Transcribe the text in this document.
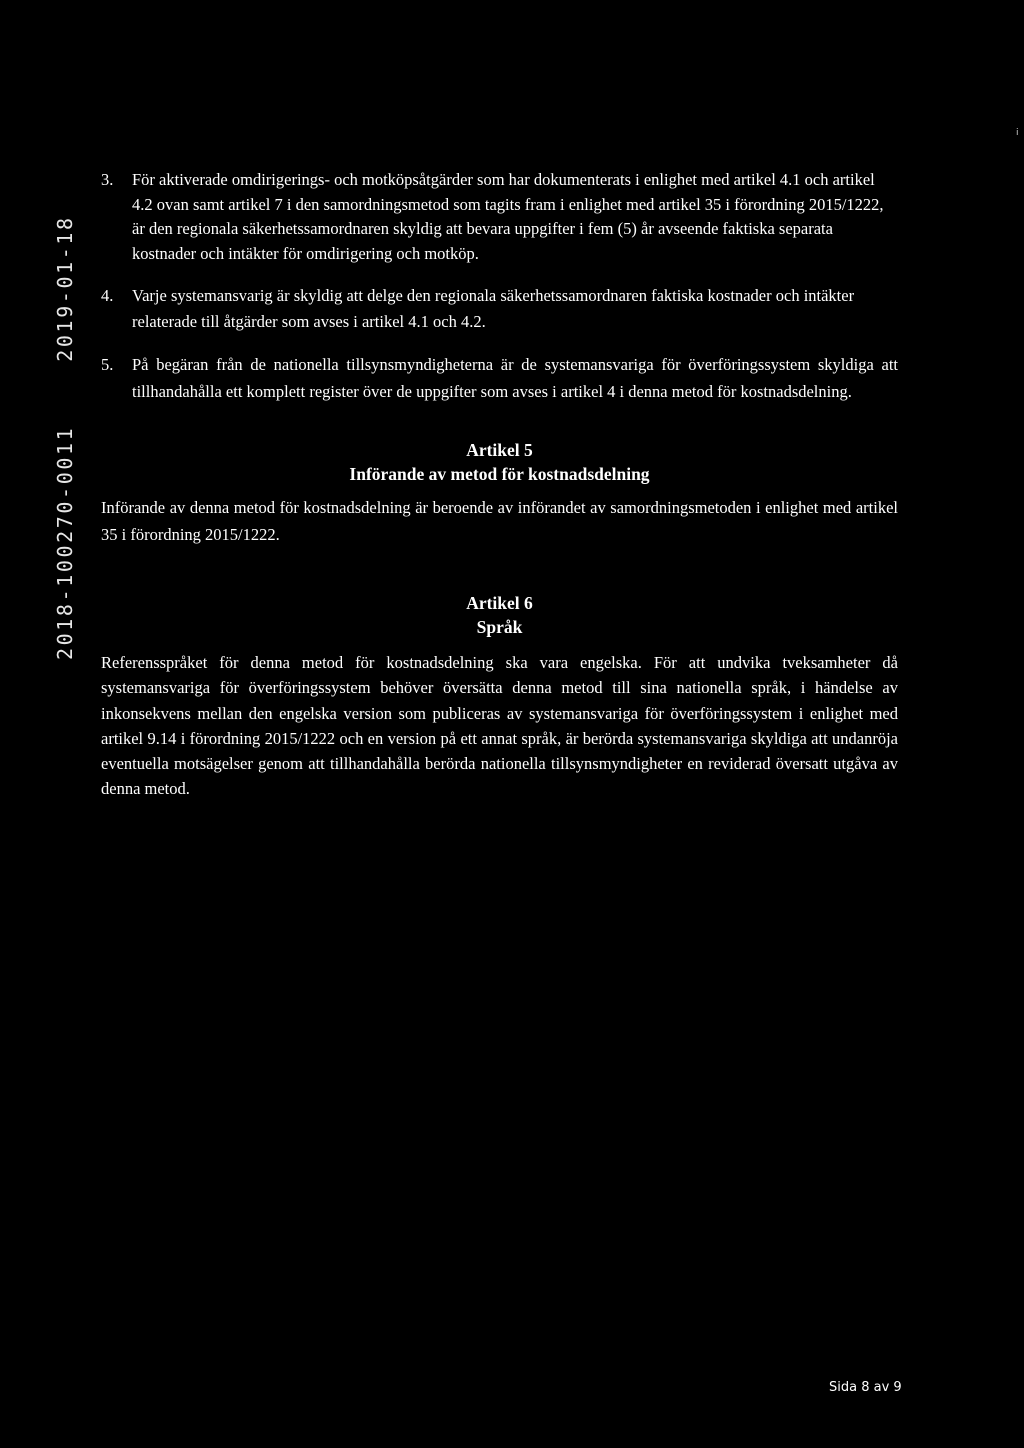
2018-100270-00112019-01-18
i
3.	För aktiverade omdirigerings- och motköpsåtgärder som har dokumenterats i enlighet med artikel 4.1 och artikel 4.2 ovan samt artikel 7 i den samordningsmetod som tagits fram i enlighet med artikel 35 i förordning 2015/1222, är den regionala säkerhetssamordnaren skyldig att bevara uppgifter i fem (5) år avseende faktiska separata kostnader och intäkter för omdirigering och motköp.
4.	Varje systemansvarig är skyldig att delge den regionala säkerhetssamordnaren faktiska kostnader och intäkter relaterade till åtgärder som avses i artikel 4.1 och 4.2.
5.	På begäran från de nationella tillsynsmyndigheterna är de systemansvariga för överföringssystem skyldiga att tillhandahålla ett komplett register över de uppgifter som avses i artikel 4 i denna metod för kostnadsdelning.
Artikel 5
Införande av metod för kostnadsdelning
Införande av denna metod för kostnadsdelning är beroende av införandet av samordningsmetoden i enlighet med artikel 35 i förordning 2015/1222.
Artikel 6
Språk
Referensspråket för denna metod för kostnadsdelning ska vara engelska. För att undvika tveksamheter då systemansvariga för överföringssystem behöver översätta denna metod till sina nationella språk, i händelse av inkonsekvens mellan den engelska version som publiceras av systemansvariga för överföringssystem i enlighet med artikel 9.14 i förordning 2015/1222 och en version på ett annat språk, är berörda systemansvariga skyldiga att undanröja eventuella motsägelser genom att tillhandahålla berörda nationella tillsynsmyndigheter en reviderad översatt utgåva av denna metod.
Sida 8 av 9
